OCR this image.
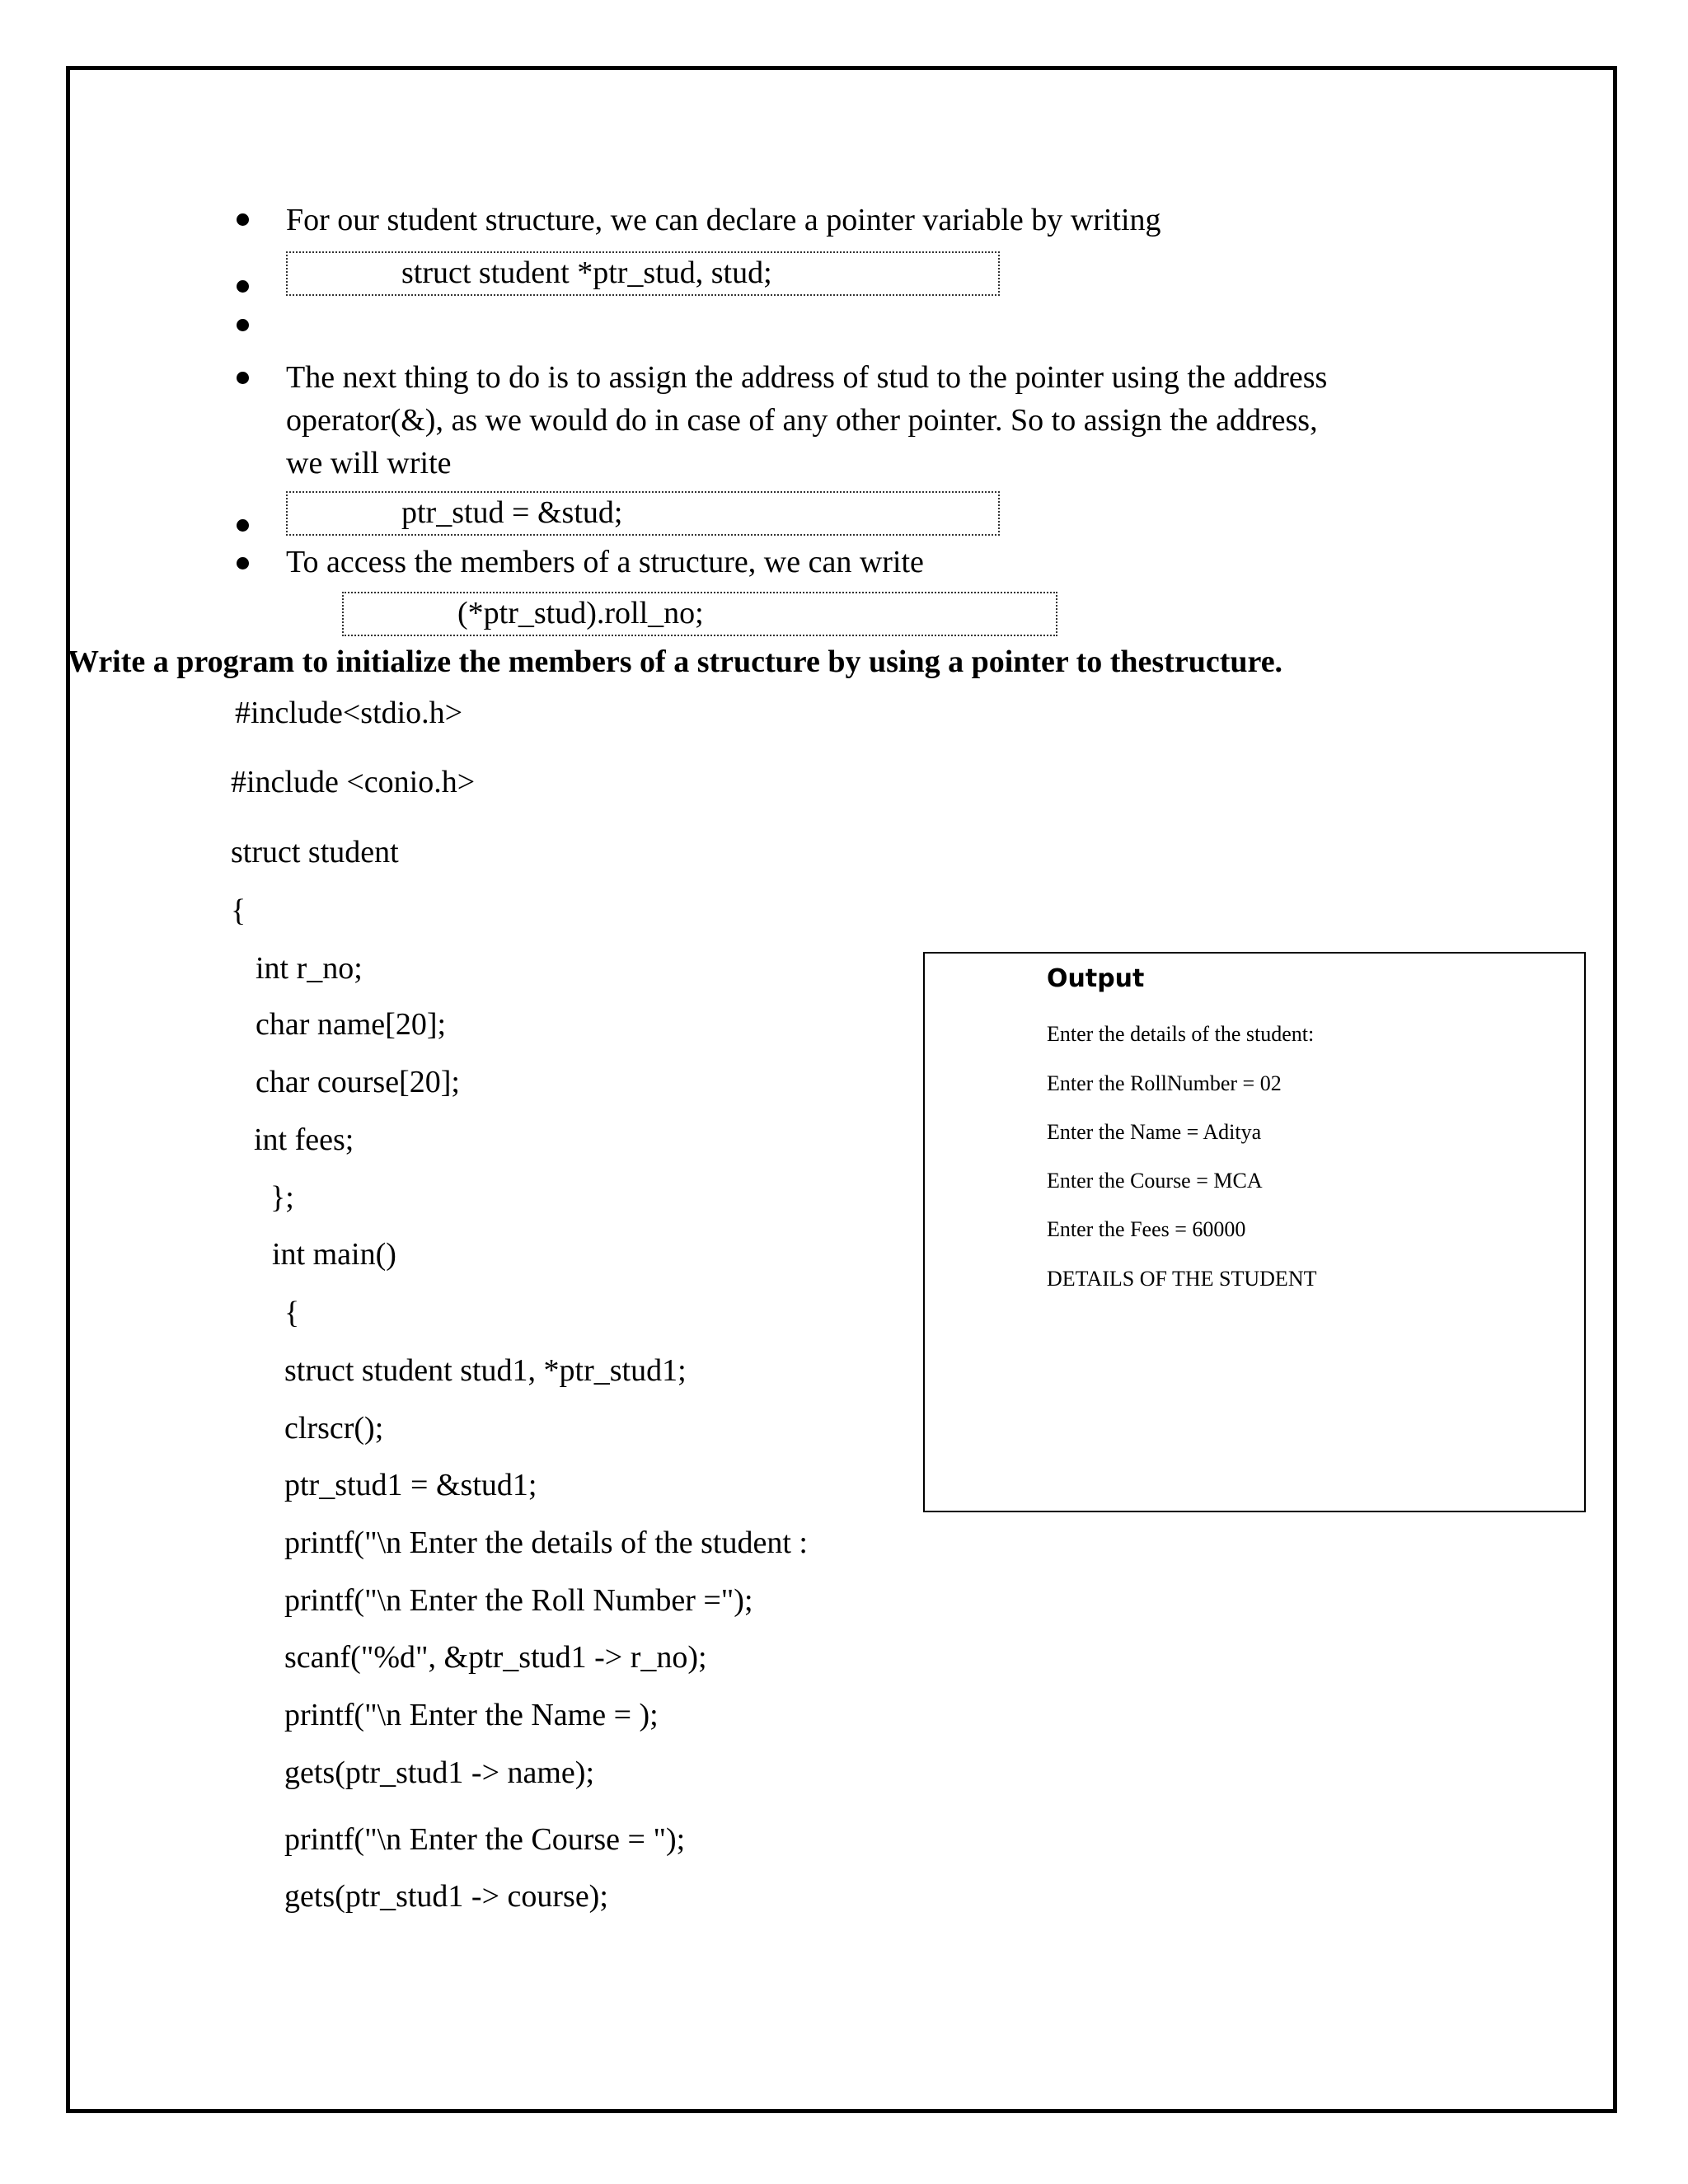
For our student structure, we can declare a pointer variable by writing
struct student *ptr_stud, stud;
The next thing to do is to assign the address of stud to the pointer using the address
operator(&), as we would do in case of any other pointer. So to assign the address,
we will write
ptr_stud = &stud;
To access the members of a structure, we can write
(*ptr_stud).roll_no;
Write a program to initialize the members of a structure by using a pointer to thestructure.
#include<stdio.h>
#include <conio.h>
struct student
{
int r_no;
char name[20];
char course[20];
int fees;
};
int main()
{
struct student stud1, *ptr_stud1;
clrscr();
ptr_stud1 = &stud1;
printf("\n Enter the details of the student :
printf("\n Enter the Roll Number =");
scanf("%d", &ptr_stud1 -> r_no);
printf("\n Enter the Name = );
gets(ptr_stud1 -> name);
printf("\n Enter the Course = ");
gets(ptr_stud1 -> course);
Output
Enter the details of the student:
Enter the RollNumber = 02
Enter the Name = Aditya
Enter the Course = MCA
Enter the Fees = 60000
DETAILS OF THE STUDENT
